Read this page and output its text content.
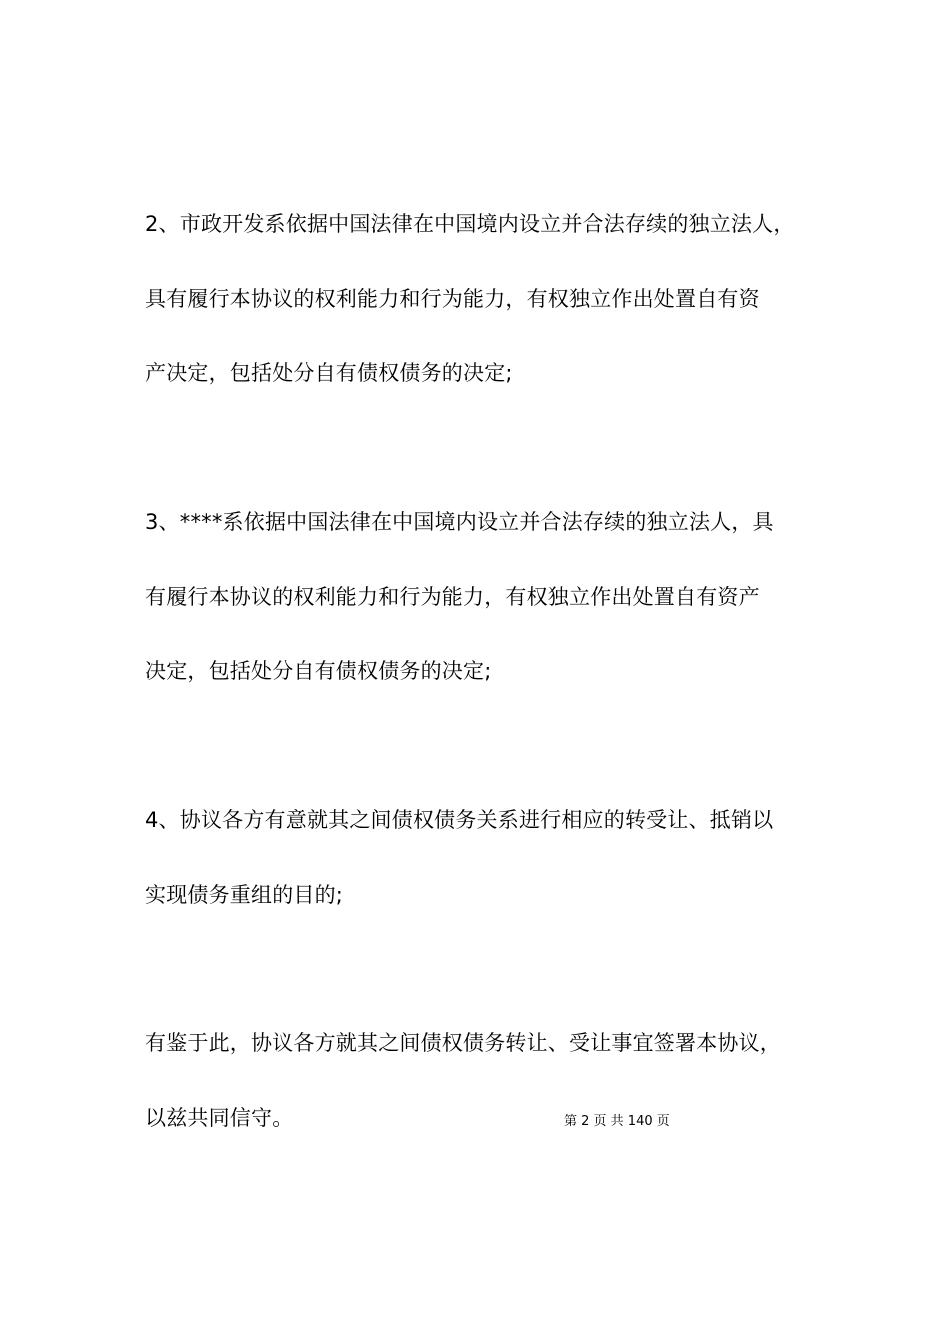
2、市政开发系依据中国法律在中国境内设立并合法存续的独立法人，
具有履行本协议的权利能力和行为能力，有权独立作出处置自有资
产决定，包括处分自有债权债务的决定;
3、****系依据中国法律在中国境内设立并合法存续的独立法人，具
有履行本协议的权利能力和行为能力，有权独立作出处置自有资产
决定，包括处分自有债权债务的决定;
4、协议各方有意就其之间债权债务关系进行相应的转受让、抵销以
实现债务重组的目的;
有鉴于此，协议各方就其之间债权债务转让、受让事宜签署本协议，
以兹共同信守。	第 2 页 共 140 页
